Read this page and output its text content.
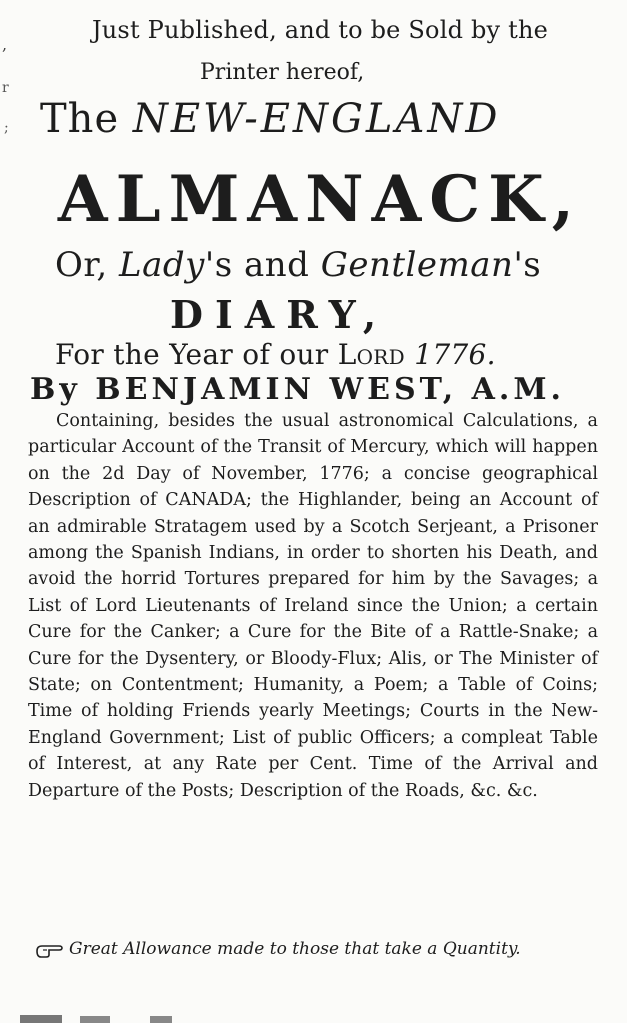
,
r
;
Just Published, and to be Sold by the
Printer hereof,
The NEW-ENGLAND
ALMANACK,
Or, Lady's and Gentleman's
DIARY,
For the Year of our Lord 1776.
By BENJAMIN WEST, A.M.
Containing, besides the usual astronomical Calculations, a particular Account of the Transit of Mercury, which will happen on the 2d Day of November, 1776; a concise geographical Description of CANADA; the Highlander, being an Account of an admirable Stratagem used by a Scotch Serjeant, a Prisoner among the Spanish Indians, in order to shorten his Death, and avoid the horrid Tortures prepared for him by the Savages; a List of Lord Lieutenants of Ireland since the Union; a certain Cure for the Canker; a Cure for the Bite of a Rattle-Snake; a Cure for the Dysentery, or Bloody-Flux; Alis, or The Minister of State; on Contentment; Humanity, a Poem; a Table of Coins; Time of holding Friends yearly Meetings; Courts in the New-England Government; List of public Officers; a compleat Table of Interest, at any Rate per Cent. Time of the Arrival and Departure of the Posts; Description of the Roads, &c. &c.
Great Allowance made to those that take a Quantity.
